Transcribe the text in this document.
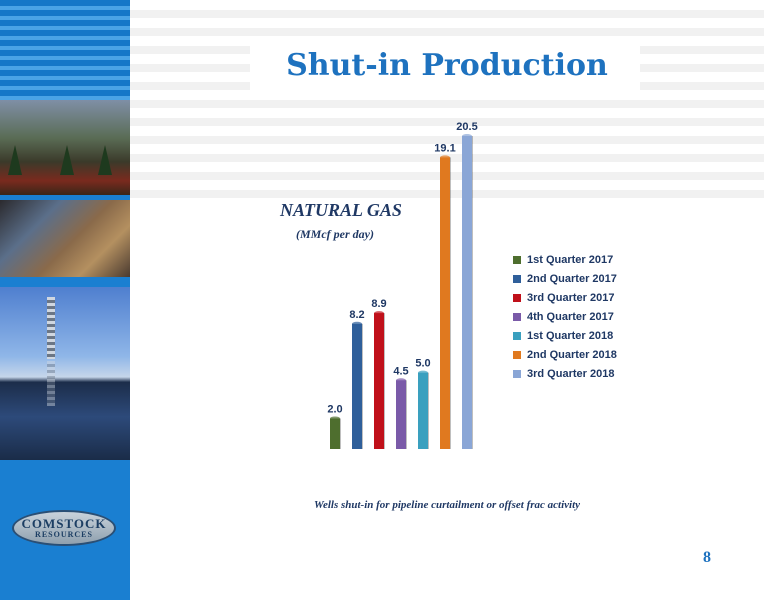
COMSTOCK
RESOURCES
Shut-in Production
2.0
8.2
8.9
4.5
5.0
19.1
20.5
NATURAL GAS
(MMcf per day)
1st Quarter 2017
2nd Quarter 2017
3rd Quarter 2017
4th Quarter 2017
1st Quarter 2018
2nd Quarter 2018
3rd Quarter 2018
Wells shut-in for pipeline curtailment or offset frac activity
8
